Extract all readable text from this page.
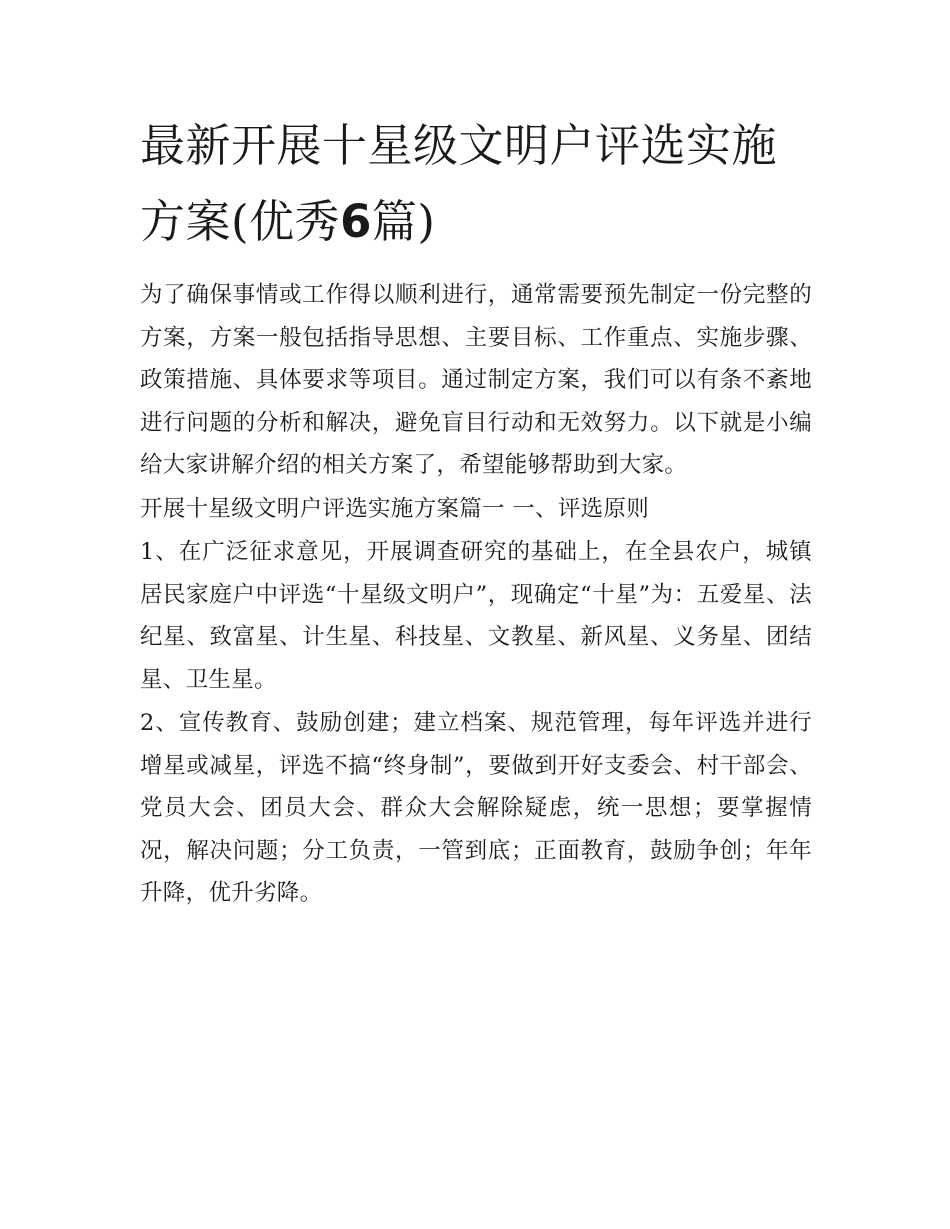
最新开展十星级文明户评选实施方案(优秀6篇)

为了确保事情或工作得以顺利进行，通常需要预先制定一份完整的方案，方案一般包括指导思想、主要目标、工作重点、实施步骤、政策措施、具体要求等项目。通过制定方案，我们可以有条不紊地进行问题的分析和解决，避免盲目行动和无效努力。以下就是小编给大家讲解介绍的相关方案了，希望能够帮助到大家。

开展十星级文明户评选实施方案篇一 一、评选原则

1、在广泛征求意见，开展调查研究的基础上，在全县农户，城镇居民家庭户中评选“十星级文明户”，现确定“十星”为：五爱星、法纪星、致富星、计生星、科技星、文教星、新风星、义务星、团结星、卫生星。

2、宣传教育、鼓励创建；建立档案、规范管理，每年评选并进行增星或减星，评选不搞“终身制”，要做到开好支委会、村干部会、党员大会、团员大会、群众大会解除疑虑，统一思想；要掌握情况，解决问题；分工负责，一管到底；正面教育，鼓励争创；年年升降，优升劣降。
